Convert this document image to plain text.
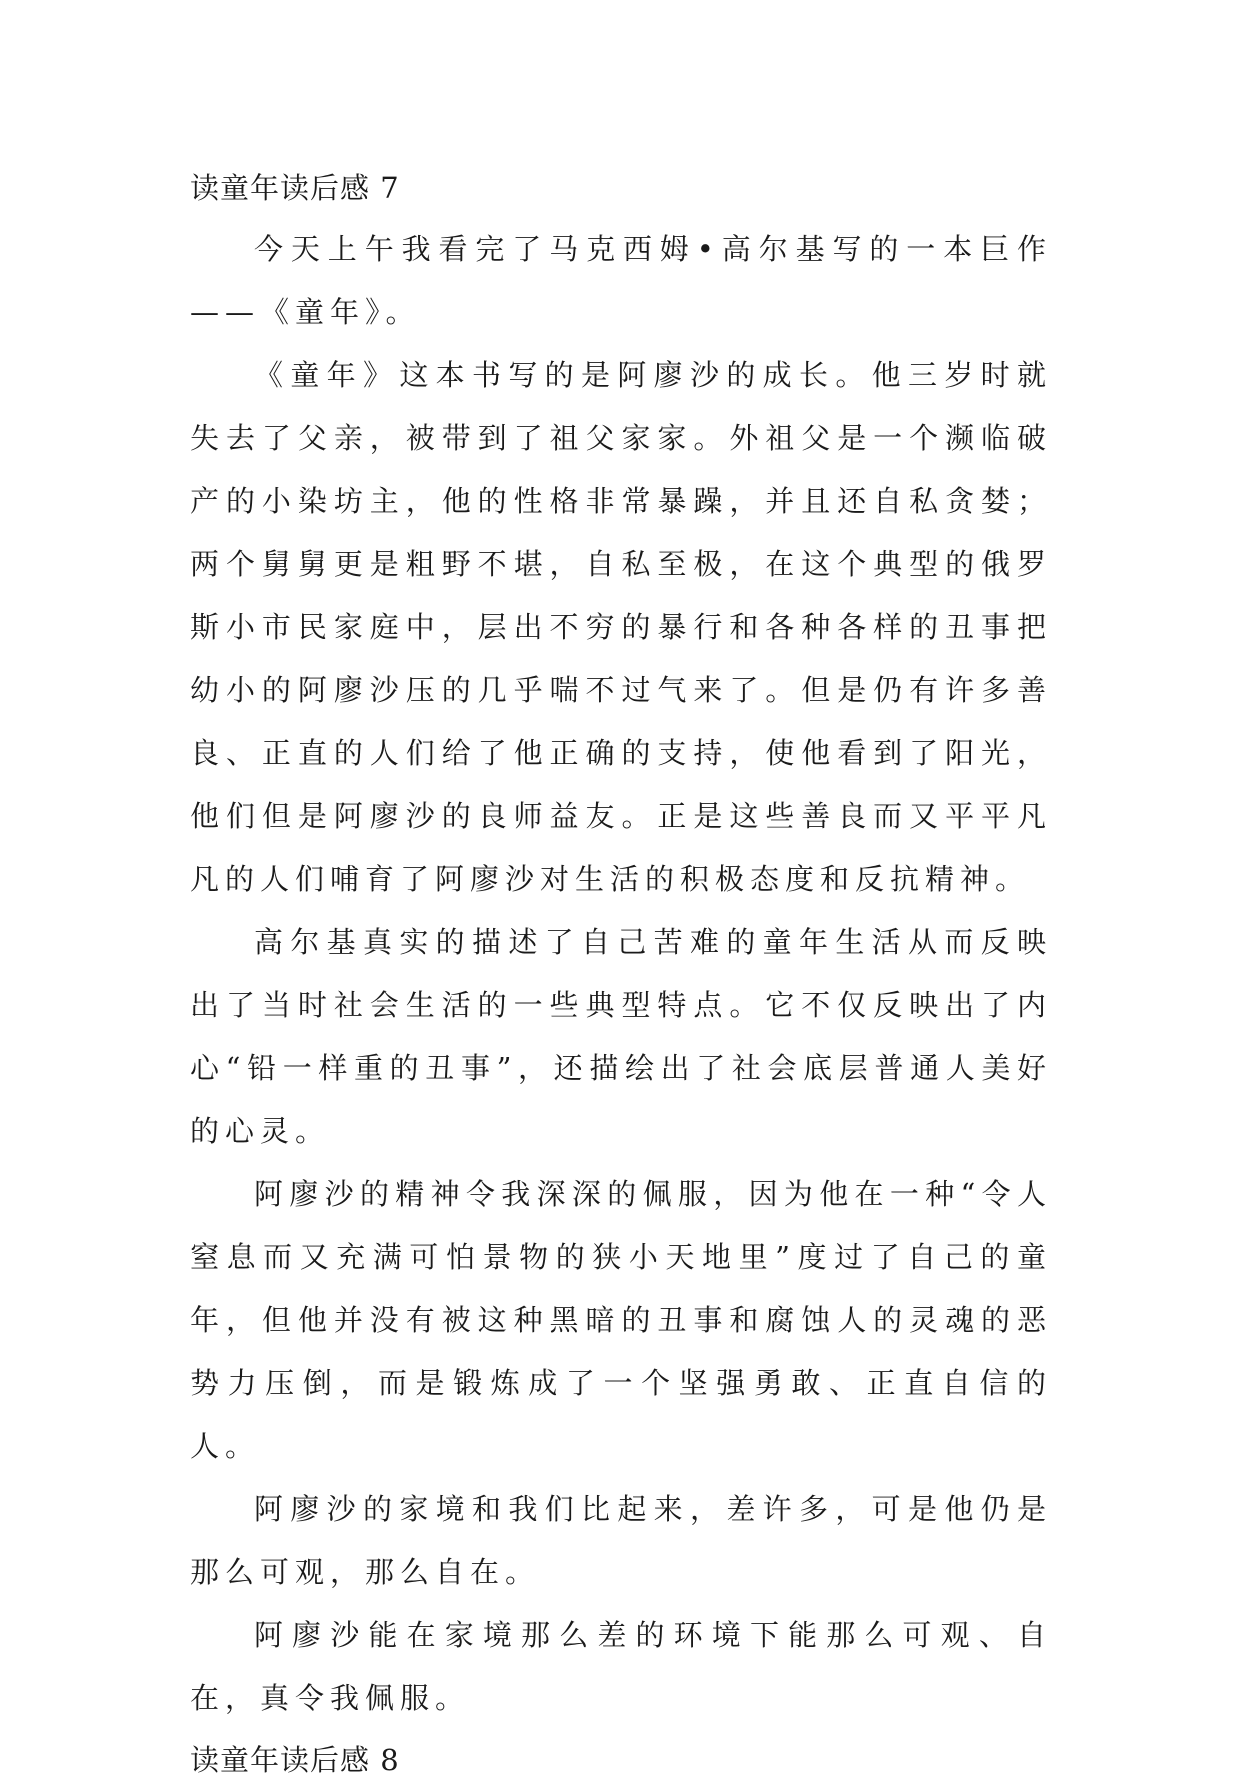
读童年读后感 7

今天上午我看完了马克西姆•高尔基写的一本巨作——《童年》。

《童年》这本书写的是阿廖沙的成长。他三岁时就失去了父亲，被带到了祖父家家。外祖父是一个濒临破产的小染坊主，他的性格非常暴躁，并且还自私贪婪；两个舅舅更是粗野不堪，自私至极，在这个典型的俄罗斯小市民家庭中，层出不穷的暴行和各种各样的丑事把幼小的阿廖沙压的几乎喘不过气来了。但是仍有许多善良、正直的人们给了他正确的支持，使他看到了阳光，他们但是阿廖沙的良师益友。正是这些善良而又平平凡凡的人们哺育了阿廖沙对生活的积极态度和反抗精神。

高尔基真实的描述了自己苦难的童年生活从而反映出了当时社会生活的一些典型特点。它不仅反映出了内心“铅一样重的丑事”，还描绘出了社会底层普通人美好的心灵。

阿廖沙的精神令我深深的佩服，因为他在一种“令人窒息而又充满可怕景物的狭小天地里”度过了自己的童年，但他并没有被这种黑暗的丑事和腐蚀人的灵魂的恶势力压倒，而是锻炼成了一个坚强勇敢、正直自信的人。

阿廖沙的家境和我们比起来，差许多，可是他仍是那么可观，那么自在。

阿廖沙能在家境那么差的环境下能那么可观、自在，真令我佩服。

读童年读后感 8
